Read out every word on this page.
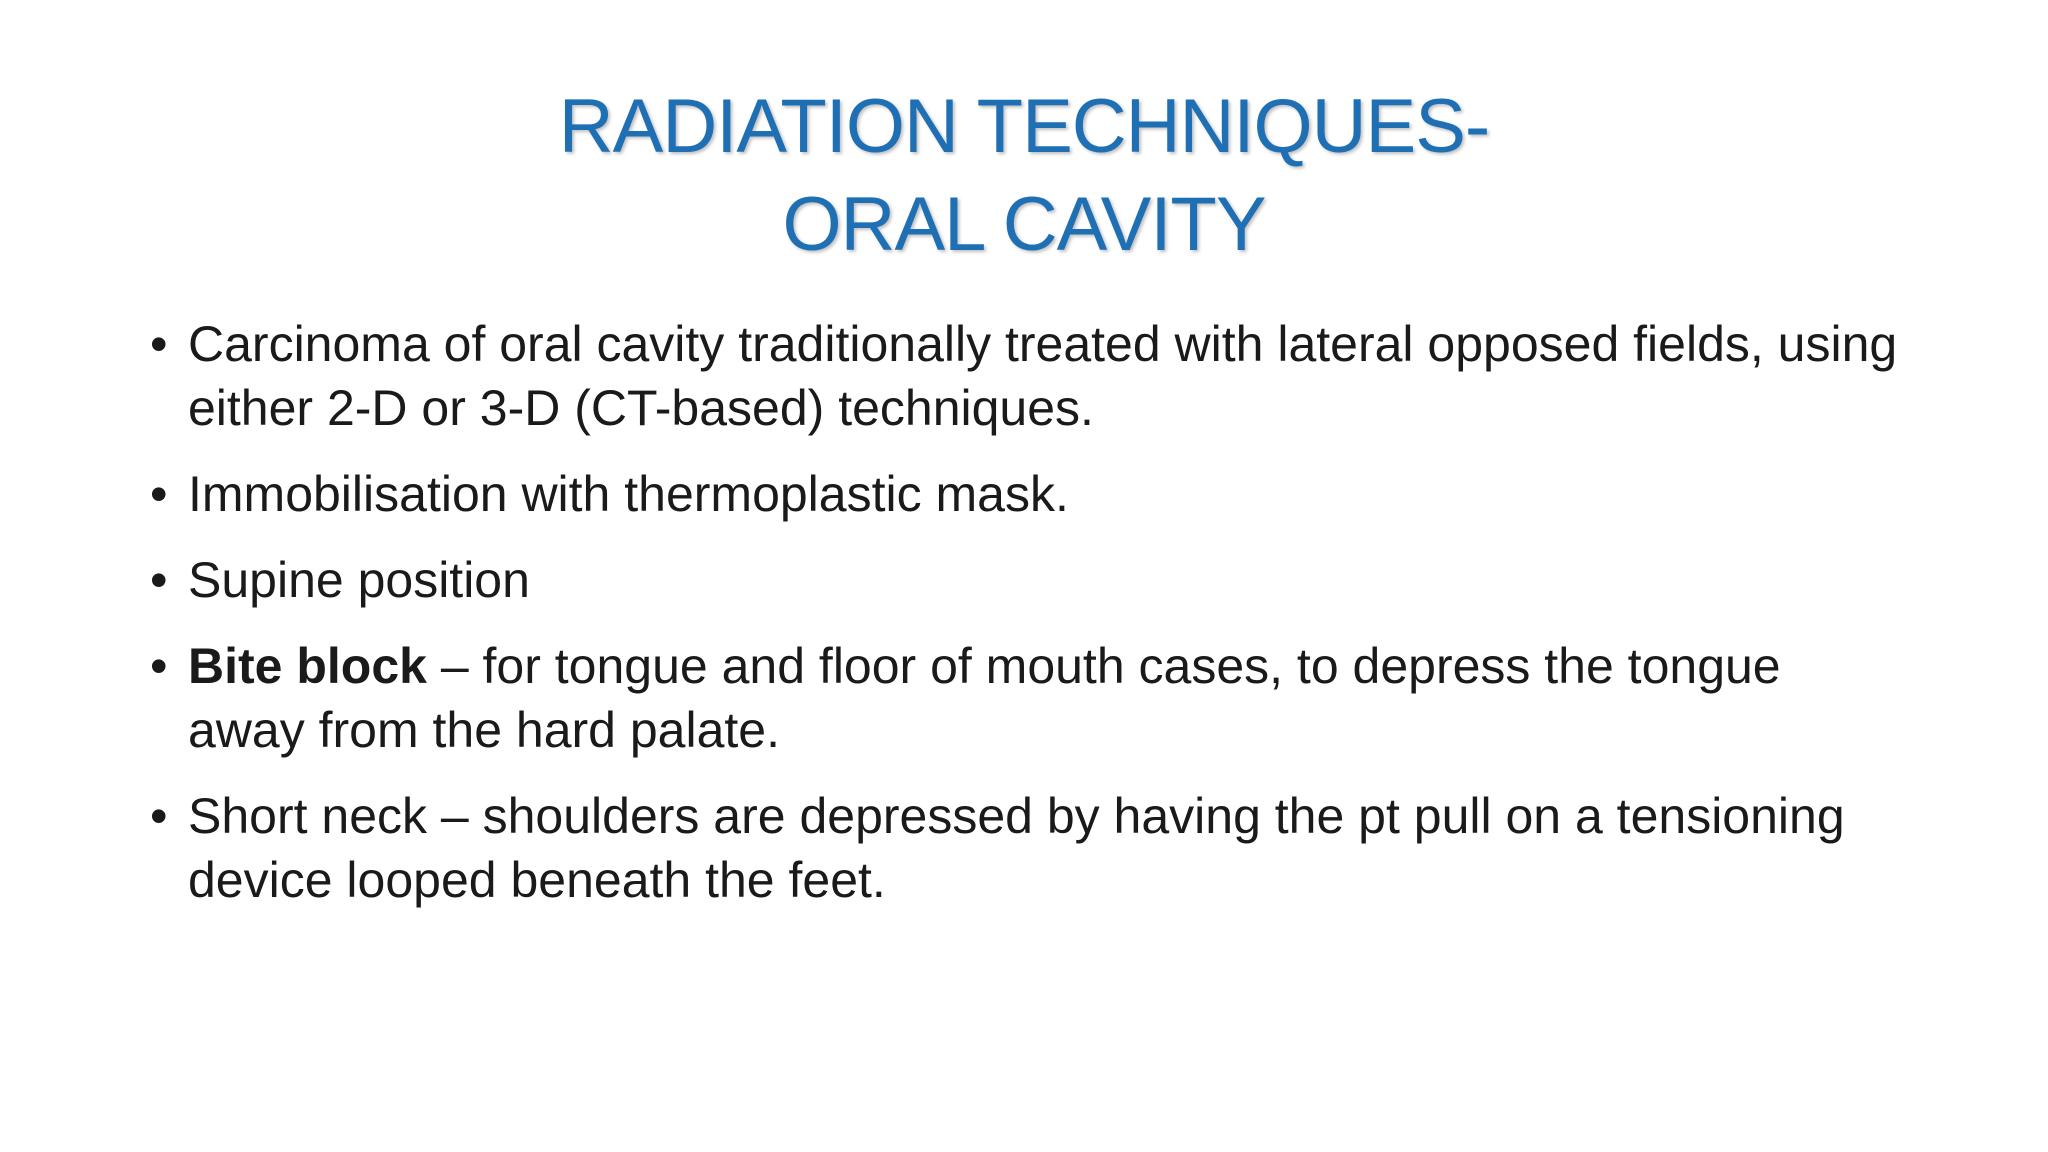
RADIATION TECHNIQUES-
ORAL CAVITY
• Carcinoma of oral cavity traditionally treated with lateral opposed fields, using either 2-D or 3-D (CT-based) techniques.
• Immobilisation with thermoplastic mask.
• Supine position
• Bite block – for tongue and floor of mouth cases, to depress the tongue away from the hard palate.
• Short neck – shoulders are depressed by having the pt pull on a tensioning device looped beneath the feet.
